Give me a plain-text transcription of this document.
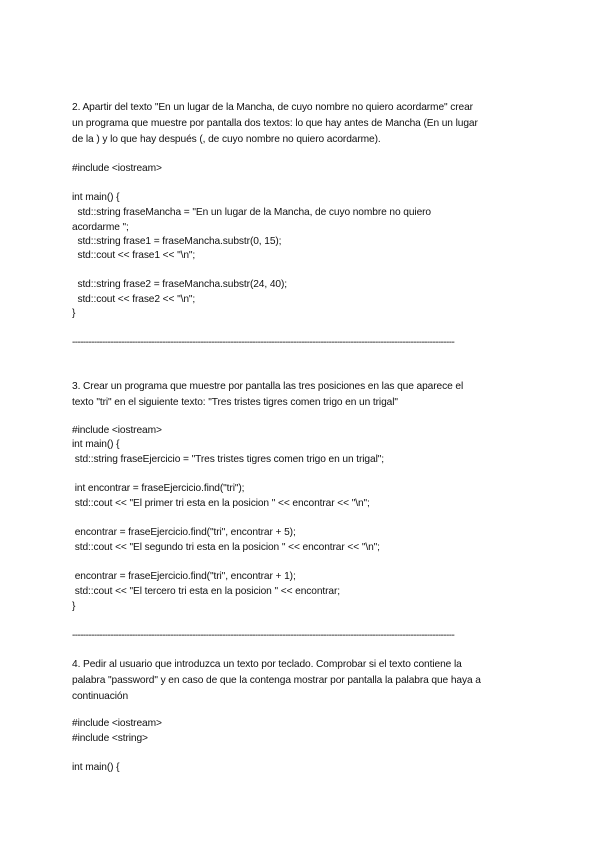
2. Apartir del texto "En un lugar de la Mancha, de cuyo nombre no quiero acordarme" crear
un programa que muestre por pantalla dos textos: lo que hay antes de Mancha (En un lugar
de la ) y lo que hay después (, de cuyo nombre no quiero acordarme).
#include <iostream>
int main() {
std::string fraseMancha = "En un lugar de la Mancha, de cuyo nombre no quiero
acordarme ";
std::string frase1 = fraseMancha.substr(0, 15);
std::cout << frase1 << "\n";
std::string frase2 = fraseMancha.substr(24, 40);
std::cout << frase2 << "\n";
}
--------------------------------------------------------------------------------------------------------------------------------------------
3. Crear un programa que muestre por pantalla las tres posiciones en las que aparece el
texto "tri" en el siguiente texto: "Tres tristes tigres comen trigo en un trigal"
#include <iostream>
int main() {
std::string fraseEjercicio = "Tres tristes tigres comen trigo en un trigal";
int encontrar = fraseEjercicio.find("tri");
std::cout << "El primer tri esta en la posicion " << encontrar << "\n";
encontrar = fraseEjercicio.find("tri", encontrar + 5);
std::cout << "El segundo tri esta en la posicion " << encontrar << "\n";
encontrar = fraseEjercicio.find("tri", encontrar + 1);
std::cout << "El tercero tri esta en la posicion " << encontrar;
}
--------------------------------------------------------------------------------------------------------------------------------------------
4. Pedir al usuario que introduzca un texto por teclado. Comprobar si el texto contiene la
palabra "password" y en caso de que la contenga mostrar por pantalla la palabra que haya a
continuación
#include <iostream>
#include <string>
int main() {
